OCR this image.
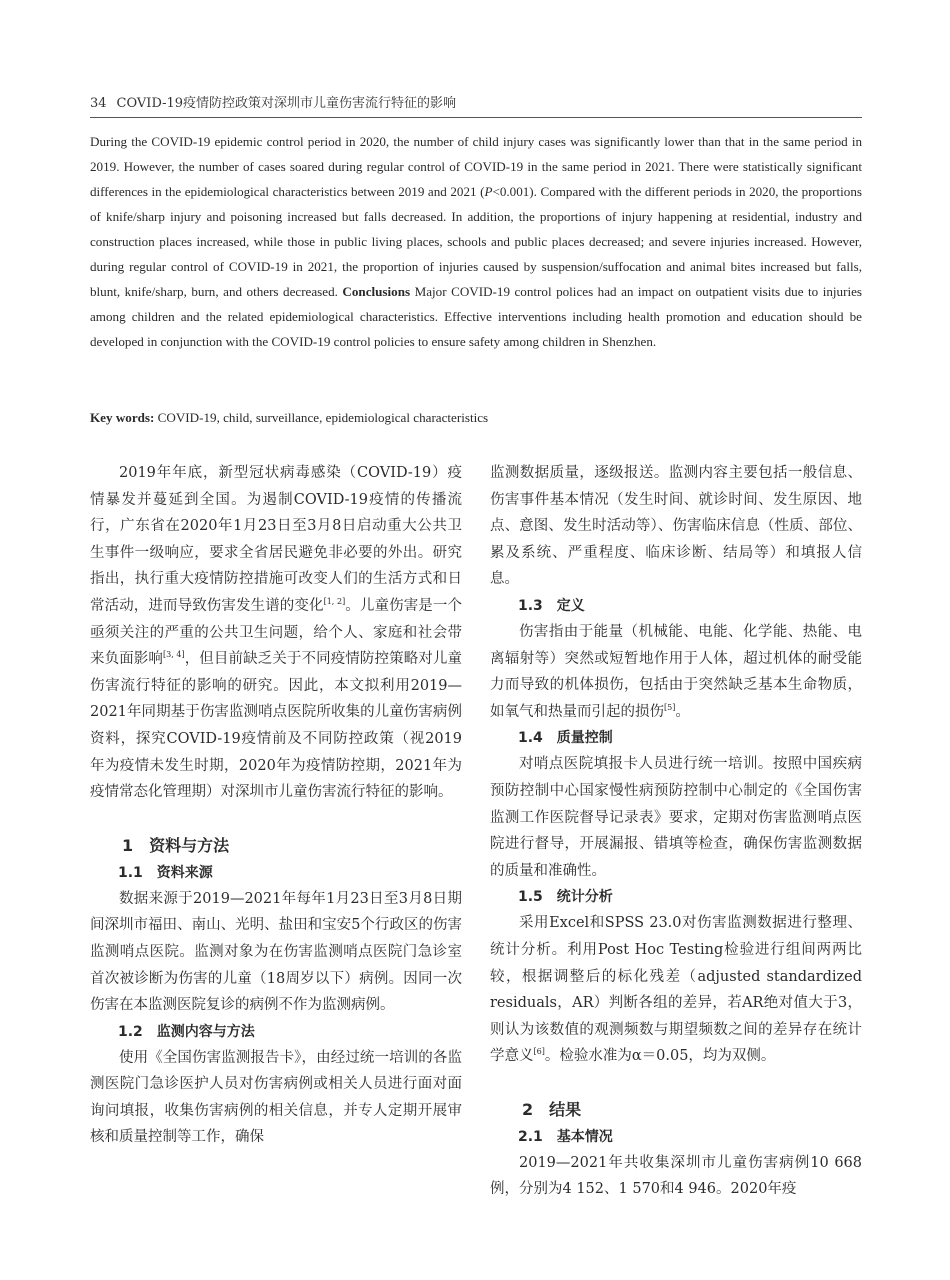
34 COVID-19疫情防控政策对深圳市儿童伤害流行特征的影响
During the COVID-19 epidemic control period in 2020, the number of child injury cases was significantly lower than that in the same period in 2019. However, the number of cases soared during regular control of COVID-19 in the same period in 2021. There were statistically significant differences in the epidemiological characteristics between 2019 and 2021 (P<0.001). Compared with the different periods in 2020, the proportions of knife/sharp injury and poisoning increased but falls decreased. In addition, the proportions of injury happening at residential, industry and construction places increased, while those in public living places, schools and public places decreased; and severe injuries increased. However, during regular control of COVID-19 in 2021, the proportion of injuries caused by suspension/suffocation and animal bites increased but falls, blunt, knife/sharp, burn, and others decreased. Conclusions Major COVID-19 control polices had an impact on outpatient visits due to injuries among children and the related epidemiological characteristics. Effective interventions including health promotion and education should be developed in conjunction with the COVID-19 control policies to ensure safety among children in Shenzhen.
Key words: COVID-19, child, surveillance, epidemiological characteristics

2019年年底，新型冠状病毒感染（COVID-19）疫情暴发并蔓延到全国。为遏制COVID-19疫情的传播流行，广东省在2020年1月23日至3月8日启动重大公共卫生事件一级响应，要求全省居民避免非必要的外出。研究指出，执行重大疫情防控措施可改变人们的生活方式和日常活动，进而导致伤害发生谱的变化[1, 2]。儿童伤害是一个亟须关注的严重的公共卫生问题，给个人、家庭和社会带来负面影响[3, 4]，但目前缺乏关于不同疫情防控策略对儿童伤害流行特征的影响的研究。因此，本文拟利用2019—2021年同期基于伤害监测哨点医院所收集的儿童伤害病例资料，探究COVID-19疫情前及不同防控政策（视2019年为疫情未发生时期，2020年为疫情防控期，2021年为疫情常态化管理期）对深圳市儿童伤害流行特征的影响。

1　资料与方法

1.1　资料来源

数据来源于2019—2021年每年1月23日至3月8日期间深圳市福田、南山、光明、盐田和宝安5个行政区的伤害监测哨点医院。监测对象为在伤害监测哨点医院门急诊室首次被诊断为伤害的儿童（18周岁以下）病例。因同一次伤害在本监测医院复诊的病例不作为监测病例。

1.2　监测内容与方法

使用《全国伤害监测报告卡》，由经过统一培训的各监测医院门急诊医护人员对伤害病例或相关人员进行面对面询问填报，收集伤害病例的相关信息，并专人定期开展审核和质量控制等工作，确保

监测数据质量，逐级报送。监测内容主要包括一般信息、伤害事件基本情况（发生时间、就诊时间、发生原因、地点、意图、发生时活动等）、伤害临床信息（性质、部位、累及系统、严重程度、临床诊断、结局等）和填报人信息。

1.3　定义

伤害指由于能量（机械能、电能、化学能、热能、电离辐射等）突然或短暂地作用于人体，超过机体的耐受能力而导致的机体损伤，包括由于突然缺乏基本生命物质，如氧气和热量而引起的损伤[5]。

1.4　质量控制

对哨点医院填报卡人员进行统一培训。按照中国疾病预防控制中心国家慢性病预防控制中心制定的《全国伤害监测工作医院督导记录表》要求，定期对伤害监测哨点医院进行督导，开展漏报、错填等检查，确保伤害监测数据的质量和准确性。

1.5　统计分析

采用Excel和SPSS 23.0对伤害监测数据进行整理、统计分析。利用Post Hoc Testing检验进行组间两两比较，根据调整后的标化残差（adjusted standardized residuals，AR）判断各组的差异，若AR绝对值大于3，则认为该数值的观测频数与期望频数之间的差异存在统计学意义[6]。检验水准为α＝0.05，均为双侧。

2　结果

2.1　基本情况

2019—2021年共收集深圳市儿童伤害病例10 668例，分别为4 152、1 570和4 946。2020年疫
